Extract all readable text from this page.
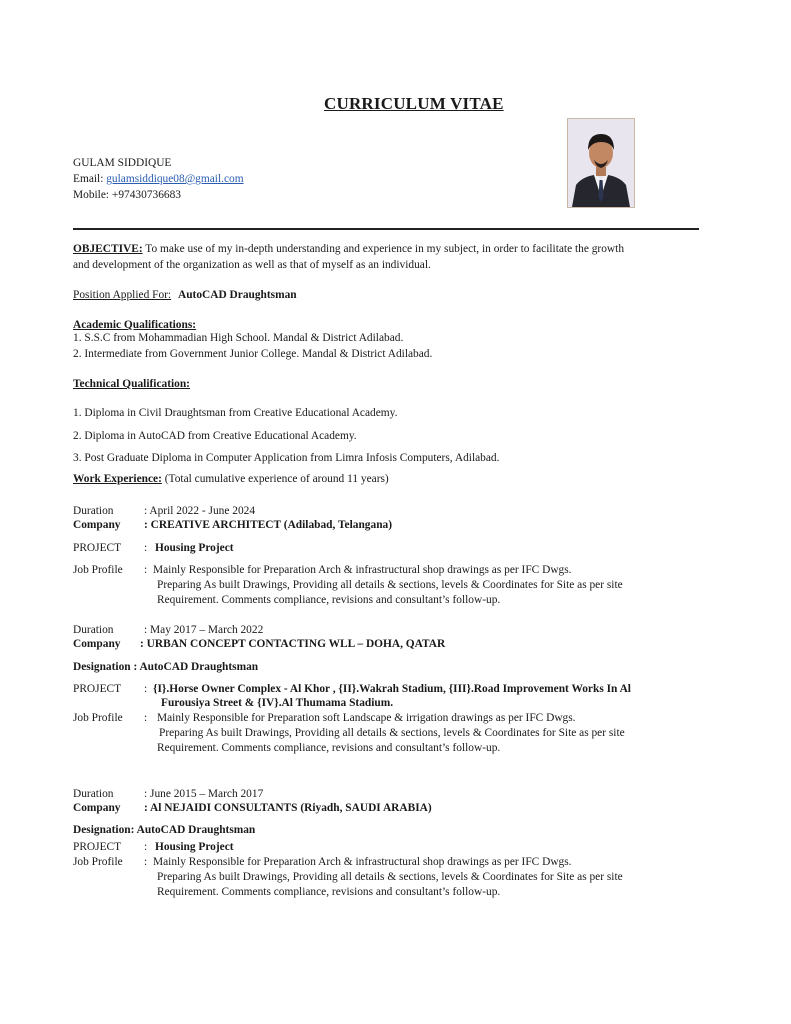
CURRICULUM VITAE
GULAM SIDDIQUE
Email: gulamsiddique08@gmail.com
Mobile: +97430736683
OBJECTIVE: To make use of my in-depth understanding and experience in my subject, in order to facilitate the growth
and development of the organization as well as that of myself as an individual.
Position Applied For: AutoCAD Draughtsman
Academic Qualifications:
1. S.S.C from Mohammadian High School. Mandal & District Adilabad.
2. Intermediate from Government Junior College. Mandal & District Adilabad.
Technical Qualification:
1. Diploma in Civil Draughtsman from Creative Educational Academy.
2. Diploma in AutoCAD from Creative Educational Academy.
3. Post Graduate Diploma in Computer Application from Limra Infosis Computers, Adilabad.
Work Experience: (Total cumulative experience of around 11 years)
Duration	: April 2022 - June 2024
Company : CREATIVE ARCHITECT (Adilabad, Telangana)
PROJECT : Housing Project
Job Profile : Mainly Responsible for Preparation Arch & infrastructural shop drawings as per IFC Dwgs.
Preparing As built Drawings, Providing all details & sections, levels & Coordinates for Site as per site
Requirement. Comments compliance, revisions and consultant’s follow-up.
Duration	: May 2017 – March 2022
Company : URBAN CONCEPT CONTACTING WLL – DOHA, QATAR
Designation : AutoCAD Draughtsman
PROJECT : {I}.Horse Owner Complex - Al Khor , {II}.Wakrah Stadium, {III}.Road Improvement Works In Al
Furousiya Street & {IV}.Al Thumama Stadium.
Job Profile : Mainly Responsible for Preparation soft Landscape & irrigation drawings as per IFC Dwgs.
Preparing As built Drawings, Providing all details & sections, levels & Coordinates for Site as per site
Requirement. Comments compliance, revisions and consultant’s follow-up.
Duration	: June 2015 – March 2017
Company : Al NEJAIDI CONSULTANTS (Riyadh, SAUDI ARABIA)
Designation: AutoCAD Draughtsman
PROJECT : Housing Project
Job Profile : Mainly Responsible for Preparation Arch & infrastructural shop drawings as per IFC Dwgs.
Preparing As built Drawings, Providing all details & sections, levels & Coordinates for Site as per site
Requirement. Comments compliance, revisions and consultant’s follow-up.
